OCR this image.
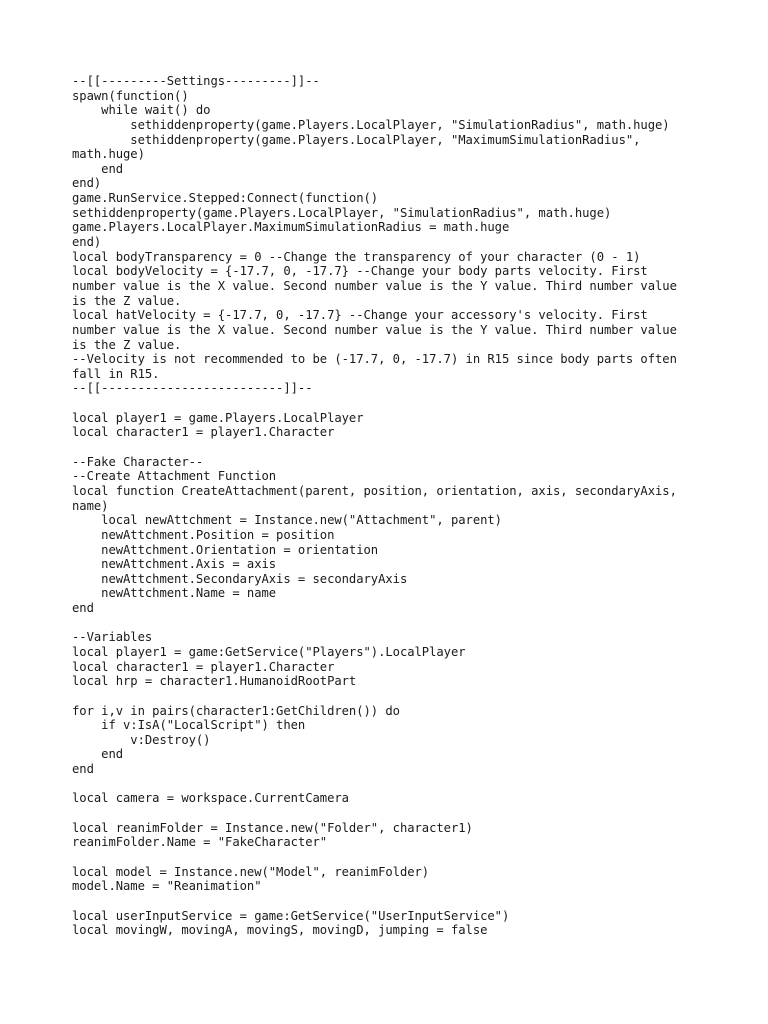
--[[---------Settings---------]]--
spawn(function()
while wait() do
sethiddenproperty(game.Players.LocalPlayer, "SimulationRadius", math.huge)
sethiddenproperty(game.Players.LocalPlayer, "MaximumSimulationRadius",
math.huge)
end
end)
game.RunService.Stepped:Connect(function()
sethiddenproperty(game.Players.LocalPlayer, "SimulationRadius", math.huge)
game.Players.LocalPlayer.MaximumSimulationRadius = math.huge
end)
local bodyTransparency = 0 --Change the transparency of your character (0 - 1)
local bodyVelocity = {-17.7, 0, -17.7} --Change your body parts velocity. First
number value is the X value. Second number value is the Y value. Third number value
is the Z value.
local hatVelocity = {-17.7, 0, -17.7} --Change your accessory's velocity. First
number value is the X value. Second number value is the Y value. Third number value
is the Z value.
--Velocity is not recommended to be (-17.7, 0, -17.7) in R15 since body parts often
fall in R15.
--[[-------------------------]]--
local player1 = game.Players.LocalPlayer
local character1 = player1.Character
--Fake Character--
--Create Attachment Function
local function CreateAttachment(parent, position, orientation, axis, secondaryAxis,
name)
local newAttchment = Instance.new("Attachment", parent)
newAttchment.Position = position
newAttchment.Orientation = orientation
newAttchment.Axis = axis
newAttchment.SecondaryAxis = secondaryAxis
newAttchment.Name = name
end
--Variables
local player1 = game:GetService("Players").LocalPlayer
local character1 = player1.Character
local hrp = character1.HumanoidRootPart
for i,v in pairs(character1:GetChildren()) do
if v:IsA("LocalScript") then
v:Destroy()
end
end
local camera = workspace.CurrentCamera
local reanimFolder = Instance.new("Folder", character1)
reanimFolder.Name = "FakeCharacter"
local model = Instance.new("Model", reanimFolder)
model.Name = "Reanimation"
local userInputService = game:GetService("UserInputService")
local movingW, movingA, movingS, movingD, jumping = false
